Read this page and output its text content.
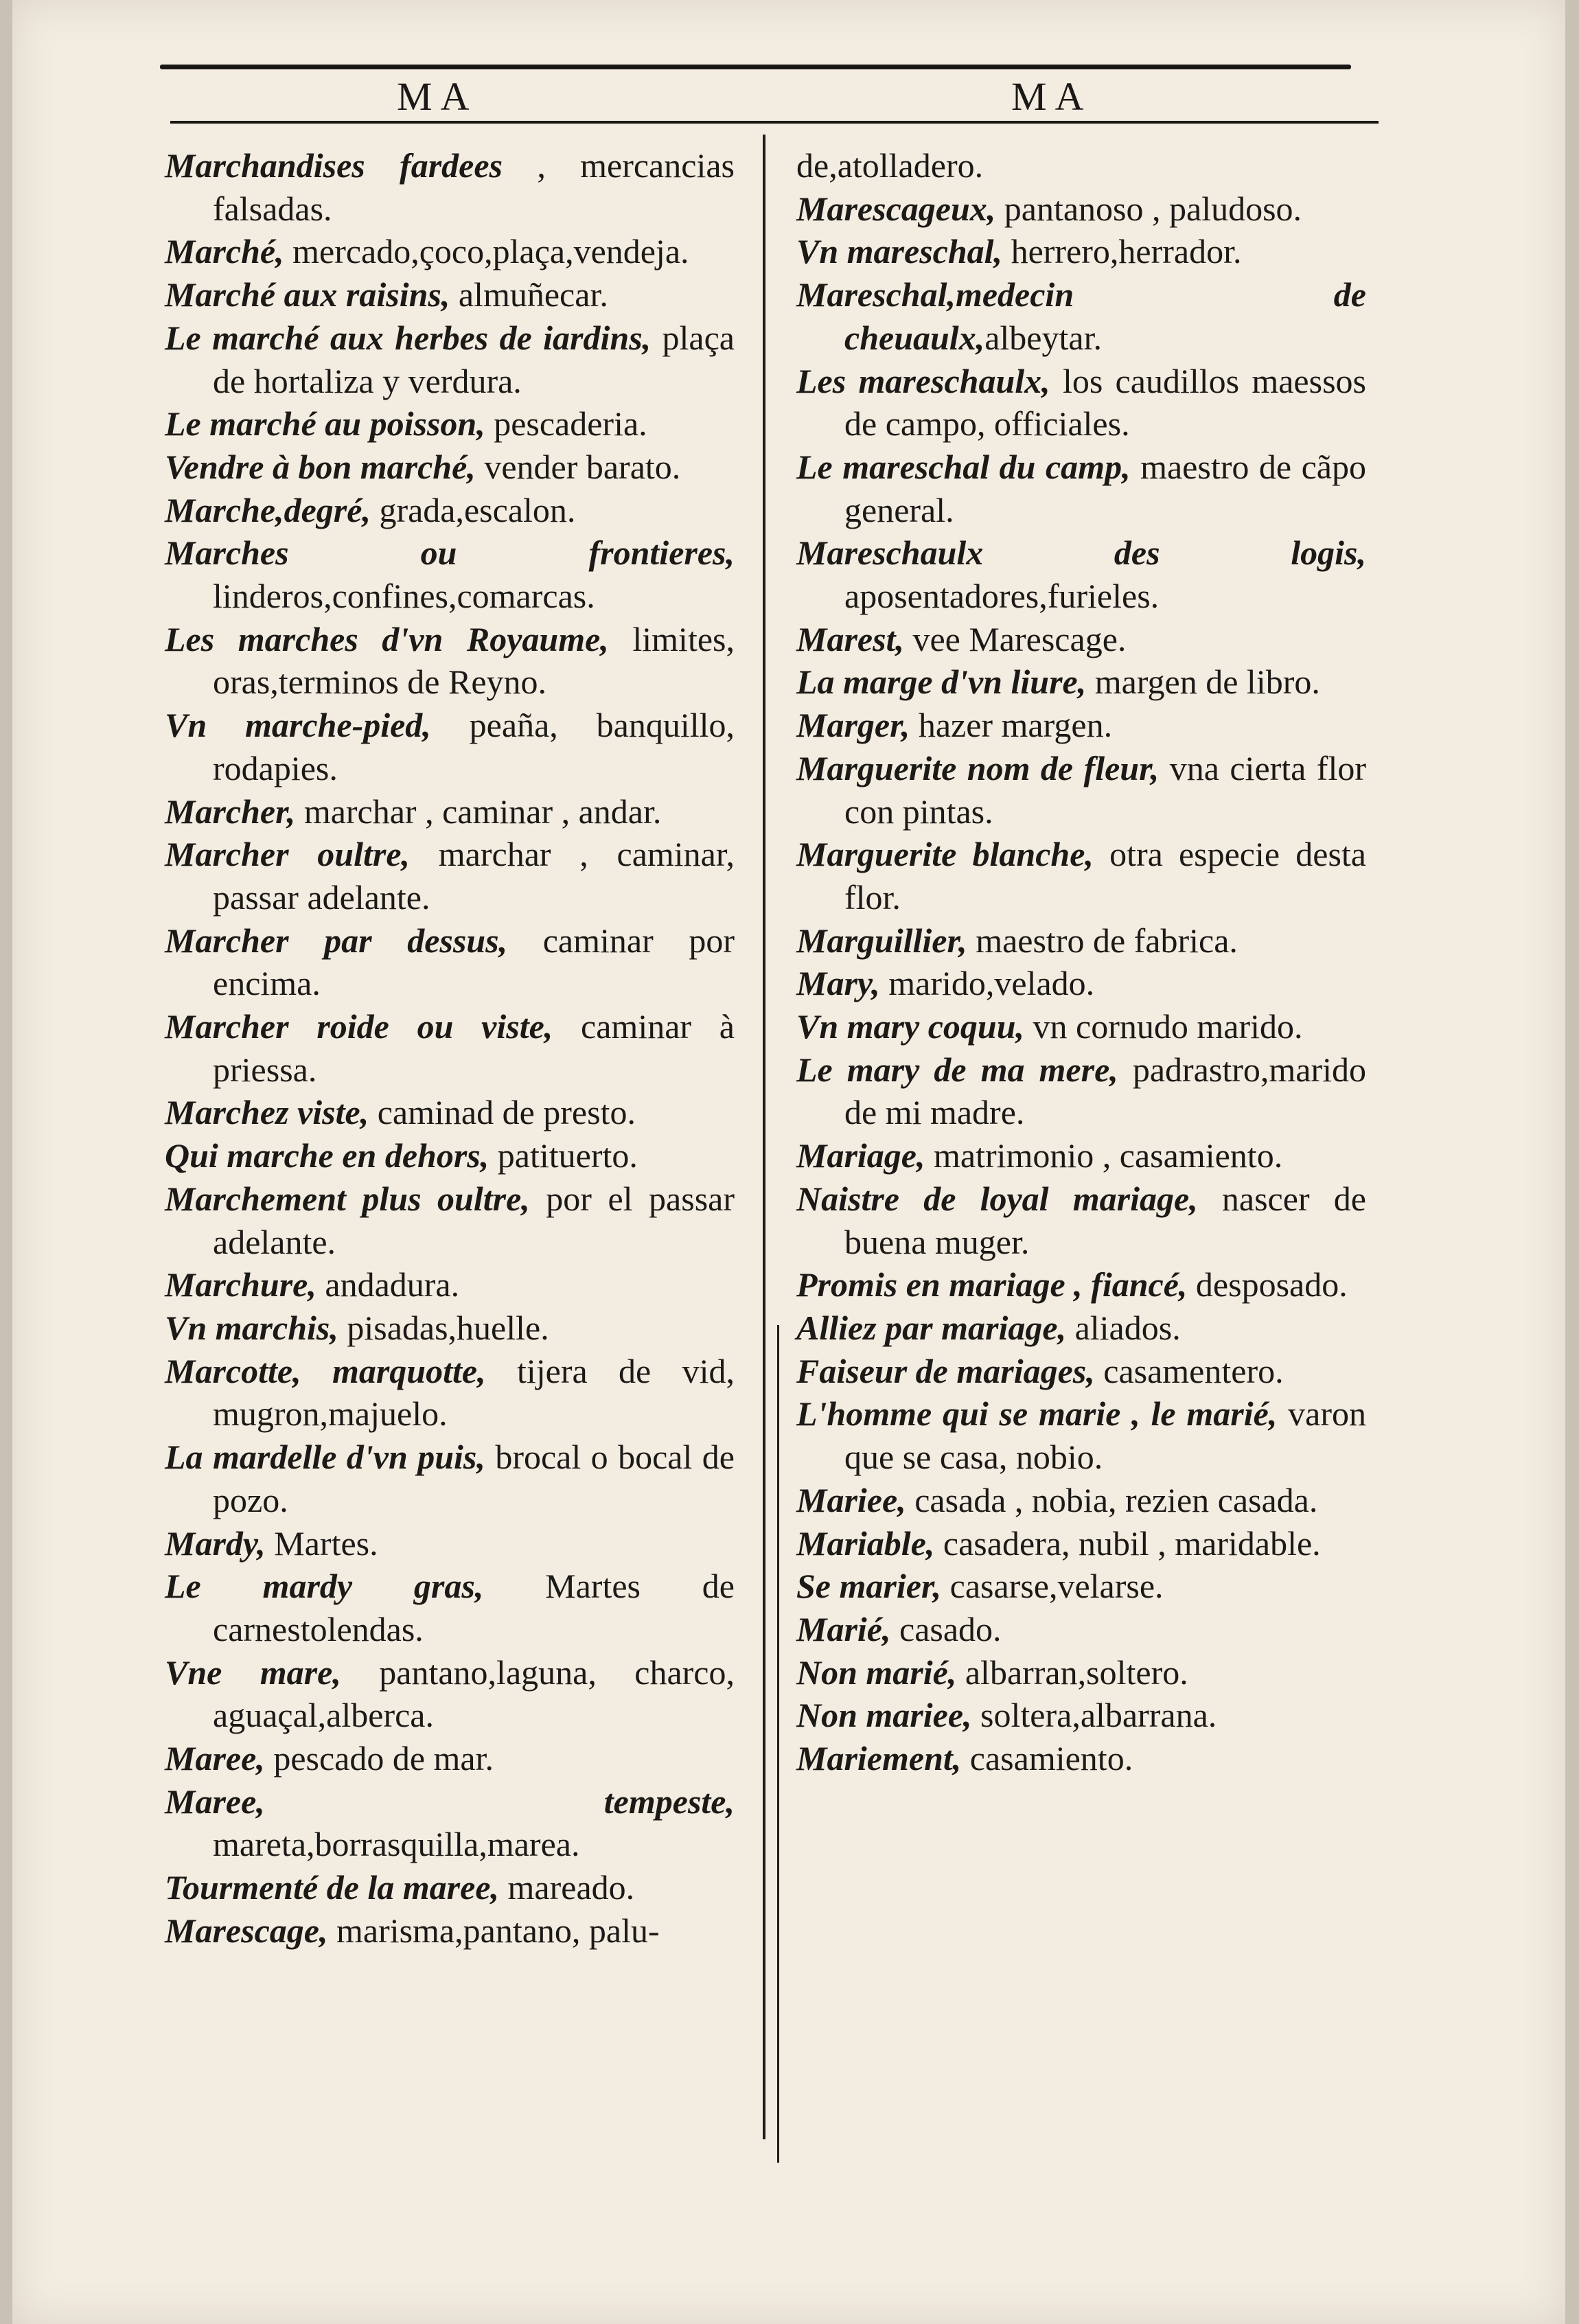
MA	MA
Marchandises fardees , mercancias falsadas.
Marché, mercado,çoco,plaça,vendeja.
Marché aux raisins, almuñecar.
Le marché aux herbes de iardins, plaça de hortaliza y verdura.
Le marché au poisson, pescaderia.
Vendre à bon marché, vender barato.
Marche,degré, grada,escalon.
Marches ou frontieres, linderos,confines,comarcas.
Les marches d'vn Royaume, limites, oras,terminos de Reyno.
Vn marche-pied, peaña, banquillo, rodapies.
Marcher, marchar , caminar , andar.
Marcher oultre, marchar , caminar, passar adelante.
Marcher par dessus, caminar por encima.
Marcher roide ou viste, caminar à priessa.
Marchez viste, caminad de presto.
Qui marche en dehors, patituerto.
Marchement plus oultre, por el passar adelante.
Marchure, andadura.
Vn marchis, pisadas,huelle.
Marcotte, marquotte, tijera de vid, mugron,majuelo.
La mardelle d'vn puis, brocal o bocal de pozo.
Mardy, Martes.
Le mardy gras, Martes de carnestolendas.
Vne mare, pantano,laguna, charco, aguaçal,alberca.
Maree, pescado de mar.
Maree, tempeste, mareta,borrasquilla,marea.
Tourmenté de la maree, mareado.
Marescage, marisma,pantano, palu-
de,atolladero.
Marescageux, pantanoso , paludoso.
Vn mareschal, herrero,herrador.
Mareschal,medecin de cheuaulx,albeytar.
Les mareschaulx, los caudillos maessos de campo, officiales.
Le mareschal du camp, maestro de cãpo general.
Mareschaulx des logis, aposentadores,furieles.
Marest, vee Marescage.
La marge d'vn liure, margen de libro.
Marger, hazer margen.
Marguerite nom de fleur, vna cierta flor con pintas.
Marguerite blanche, otra especie desta flor.
Marguillier, maestro de fabrica.
Mary, marido,velado.
Vn mary coquu, vn cornudo marido.
Le mary de ma mere, padrastro,marido de mi madre.
Mariage, matrimonio , casamiento.
Naistre de loyal mariage, nascer de buena muger.
Promis en mariage , fiancé, desposado.
Alliez par mariage, aliados.
Faiseur de mariages, casamentero.
L'homme qui se marie , le marié, varon que se casa, nobio.
Mariee, casada , nobia, rezien casada.
Mariable, casadera, nubil , maridable.
Se marier, casarse,velarse.
Marié, casado.
Non marié, albarran,soltero.
Non mariee, soltera,albarrana.
Mariement, casamiento.
